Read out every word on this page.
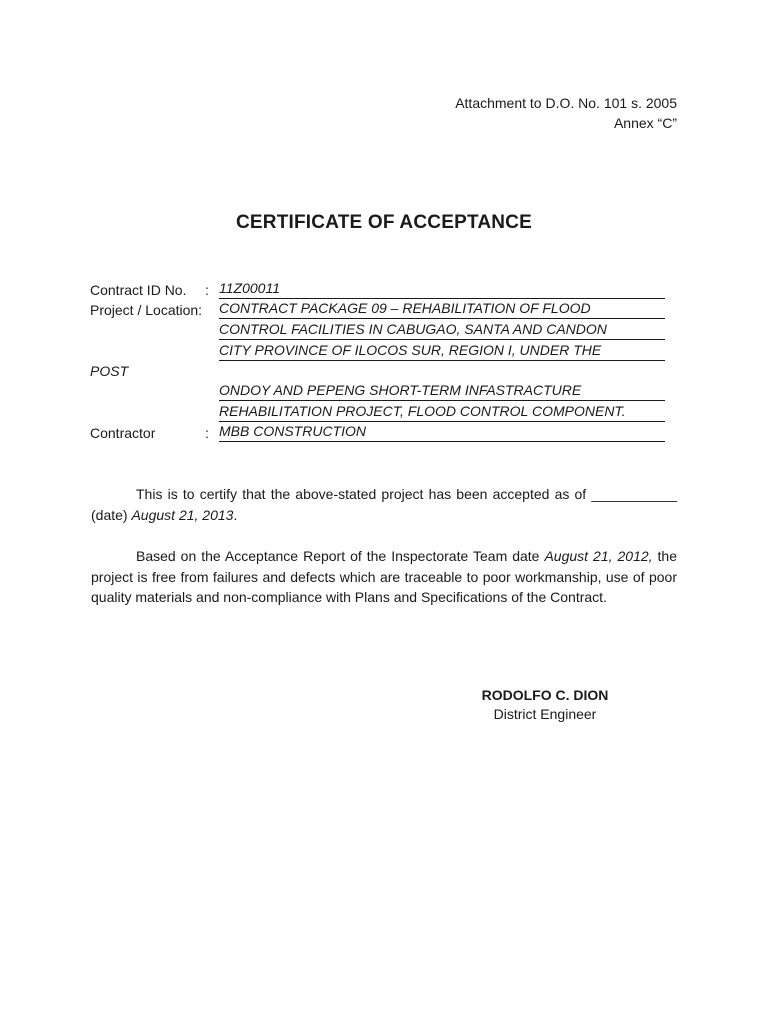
Attachment to D.O. No. 101 s. 2005
Annex “C”
CERTIFICATE OF ACCEPTANCE
Contract ID No. : 11Z00011
Project / Location: CONTRACT PACKAGE 09 – REHABILITATION OF FLOOD
CONTROL FACILITIES IN CABUGAO, SANTA AND CANDON
CITY PROVINCE OF ILOCOS SUR, REGION I, UNDER THE
POST
ONDOY AND PEPENG SHORT-TERM INFASTRACTURE
REHABILITATION PROJECT, FLOOD CONTROL COMPONENT.
Contractor	: MBB CONSTRUCTION

This is to certify that the above-stated project has been accepted as of ___________ (date) August 21, 2013.

Based on the Acceptance Report of the Inspectorate Team date August 21, 2012, the project is free from failures and defects which are traceable to poor workmanship, use of poor quality materials and non-compliance with Plans and Specifications of the Contract.

RODOLFO C. DION
District Engineer
